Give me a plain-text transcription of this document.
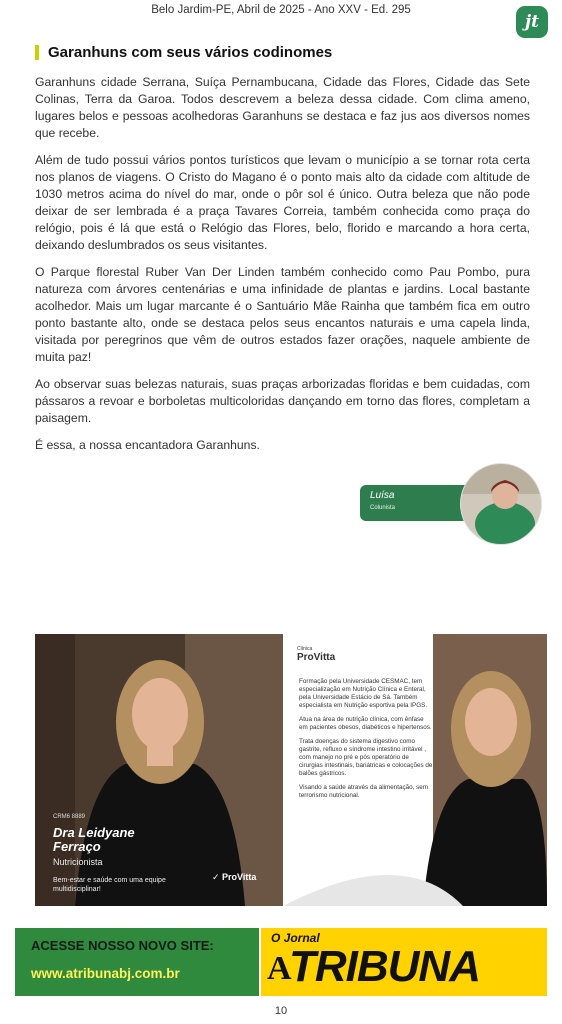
Belo Jardim-PE, Abril de 2025 - Ano XXV - Ed. 295
jt
Garanhuns com seus vários codinomes

Garanhuns cidade Serrana, Suíça Pernambucana, Cidade das Flores, Cidade das Sete Colinas, Terra da Garoa. Todos descrevem a beleza dessa cidade. Com clima ameno, lugares belos e pessoas acolhedoras Garanhuns se destaca e faz jus aos diversos nomes que recebe.

Além de tudo possui vários pontos turísticos que levam o município a se tornar rota certa nos planos de viagens. O Cristo do Magano é o ponto mais alto da cidade com altitude de 1030 metros acima do nível do mar, onde o pôr sol é único. Outra beleza que não pode deixar de ser lembrada é a praça Tavares Correia, também conhecida como praça do relógio, pois é lá que está o Relógio das Flores, belo, florido e marcando a hora certa, deixando deslumbrados os seus visitantes.

O Parque florestal Ruber Van Der Linden também conhecido como Pau Pombo, pura natureza com árvores centenárias e uma infinidade de plantas e jardins. Local bastante acolhedor. Mais um lugar marcante é o Santuário Mãe Rainha que também fica em outro ponto bastante alto, onde se destaca pelos seus encantos naturais e uma capela linda, visitada por peregrinos que vêm de outros estados fazer orações, naquele ambiente de muita paz!

Ao observar suas belezas naturais, suas praças arborizadas floridas e bem cuidadas, com pássaros a revoar e borboletas multicoloridas dançando em torno das flores, completam a paisagem.

É essa, a nossa encantadora Garanhuns.

Luísa
Colunista
CRM6 8889
Dra Leidyane
Ferraço
Nutricionista
Bem-estar e saúde com uma equipe multidisciplinar!
✓ ProVitta
Clínica
ProVitta

Formação pela Universidade CESMAC, tem especialização em Nutrição Clínica e Enteral, pela Universidade Estácio de Sá. Também especialista em Nutrição esportiva pela IPGS.

Atua na área de nutrição clínica, com ênfase em pacientes obesos, diabéticos e hipertensos.

Trata doenças do sistema digestivo como gastrite, refluxo e síndrome intestino irritável , com manejo no pré e pós operatório de cirurgias intestinais, bariátricas e colocações de balões gástricos.

Visando a saúde através da alimentação, sem terrorismo nutricional.

ACESSE NOSSO NOVO SITE:
www.atribunabj.com.br
O Jornal
A
TRIBUNA
10
